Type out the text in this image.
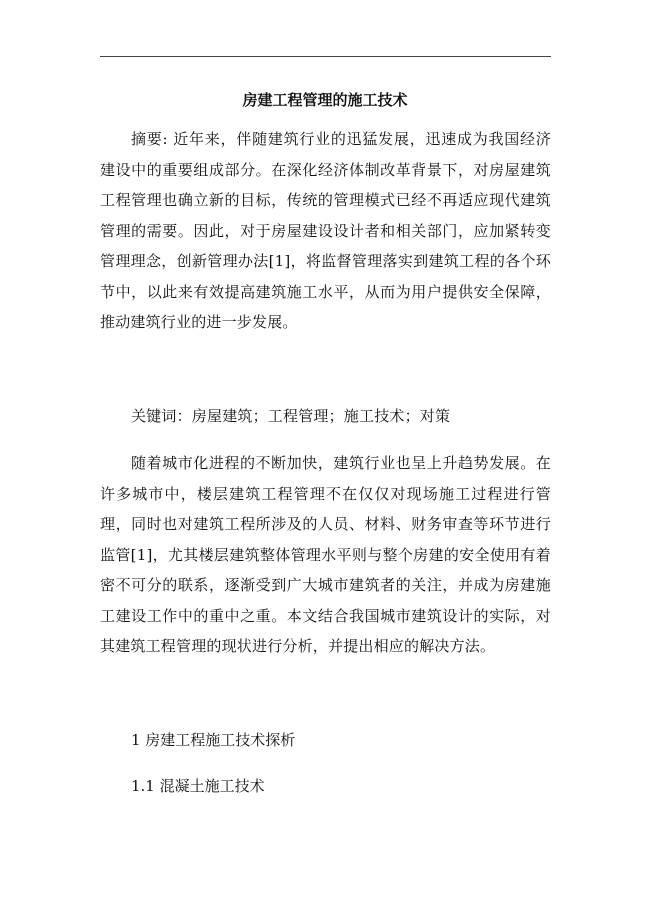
房建工程管理的施工技术

摘要: 近年来，伴随建筑行业的迅猛发展，迅速成为我国经济建设中的重要组成部分。在深化经济体制改革背景下，对房屋建筑工程管理也确立新的目标，传统的管理模式已经不再适应现代建筑管理的需要。因此，对于房屋建设设计者和相关部门，应加紧转变管理理念，创新管理办法[1]，将监督管理落实到建筑工程的各个环节中，以此来有效提高建筑施工水平，从而为用户提供安全保障，推动建筑行业的进一步发展。

关键词：房屋建筑；工程管理；施工技术；对策

随着城市化进程的不断加快，建筑行业也呈上升趋势发展。在许多城市中，楼层建筑工程管理不在仅仅对现场施工过程进行管理，同时也对建筑工程所涉及的人员、材料、财务审查等环节进行监管[1]，尤其楼层建筑整体管理水平则与整个房建的安全使用有着密不可分的联系，逐渐受到广大城市建筑者的关注，并成为房建施工建设工作中的重中之重。本文结合我国城市建筑设计的实际，对其建筑工程管理的现状进行分析，并提出相应的解决方法。

1 房建工程施工技术探析

1.1 混凝土施工技术
